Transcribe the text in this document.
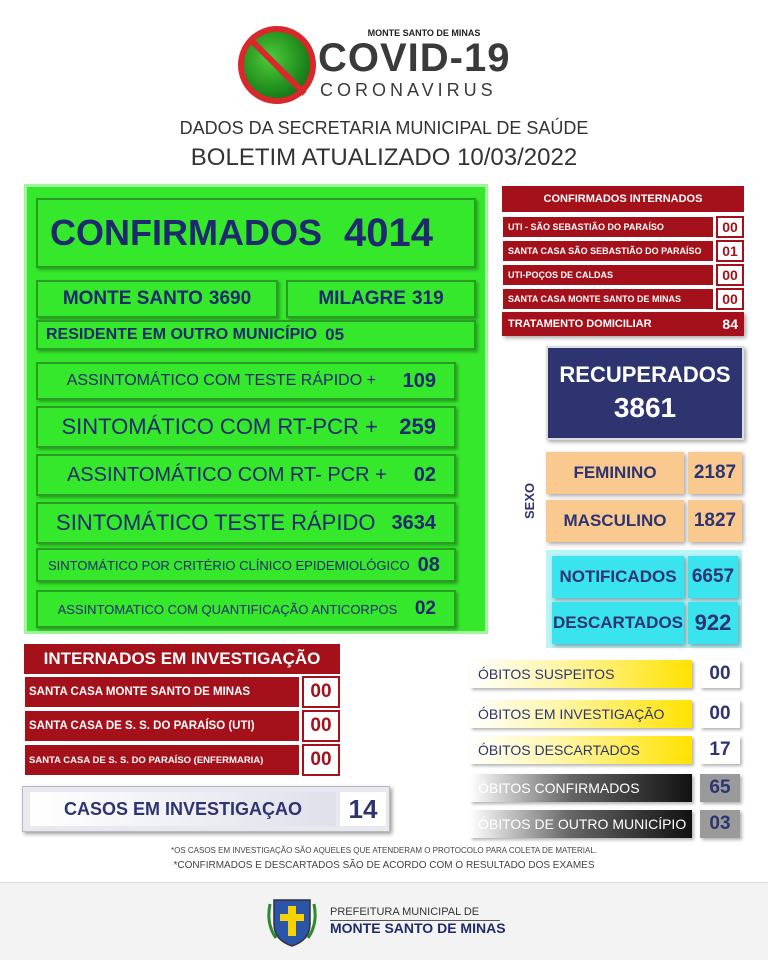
MONTE SANTO DE MINAS
COVID-19
CORONAVIRUS
DADOS DA SECRETARIA MUNICIPAL DE SAÚDE
BOLETIM ATUALIZADO 10/03/2022
CONFIRMADOS 4014
MONTE SANTO 3690	MILAGRE 319
RESIDENTE EM OUTRO MUNICÍPIO 05
ASSINTOMÁTICO COM TESTE RÁPIDO +	109
SINTOMÁTICO COM RT-PCR + 259
ASSINTOMÁTICO COM RT- PCR +	02
SINTOMÁTICO TESTE RÁPIDO 3634
SINTOMÁTICO POR CRITÉRIO CLÍNICO EPIDEMIOLÓGICO 08
ASSINTOMATICO COM QUANTIFICAÇÃO ANTICORPOS 02
CONFIRMADOS INTERNADOS
UTI - SÃO SEBASTIÃO DO PARAÍSO	00
SANTA CASA SÃO SEBASTIÃO DO PARAÍSO	01
UTI-POÇOS DE CALDAS	00
SANTA CASA MONTE SANTO DE MINAS	00
TRATAMENTO DOMICILIAR	84
RECUPERADOS
3861
SEXO
FEMININO	2187
MASCULINO	1827
NOTIFICADOS 6657
DESCARTADOS 922
INTERNADOS EM INVESTIGAÇÃO
SANTA CASA MONTE SANTO DE MINAS	00
SANTA CASA DE S. S. DO PARAÍSO (UTI)	00
SANTA CASA DE S. S. DO PARAÍSO (ENFERMARIA)	00
CASOS EM INVESTIGAÇAO	14
ÓBITOS SUSPEITOS	00
ÓBITOS EM INVESTIGAÇÃO	00
ÓBITOS DESCARTADOS	17
ÓBITOS CONFIRMADOS	65
ÓBITOS DE OUTRO MUNICÍPIO	03
*OS CASOS EM INVESTIGAÇÃO SÃO AQUELES QUE ATENDERAM O PROTOCOLO PARA COLETA DE MATERIAL.
*CONFIRMADOS E DESCARTADOS SÃO DE ACORDO COM O RESULTADO DOS EXAMES
PREFEITURA MUNICIPAL DE
MONTE SANTO DE MINAS
